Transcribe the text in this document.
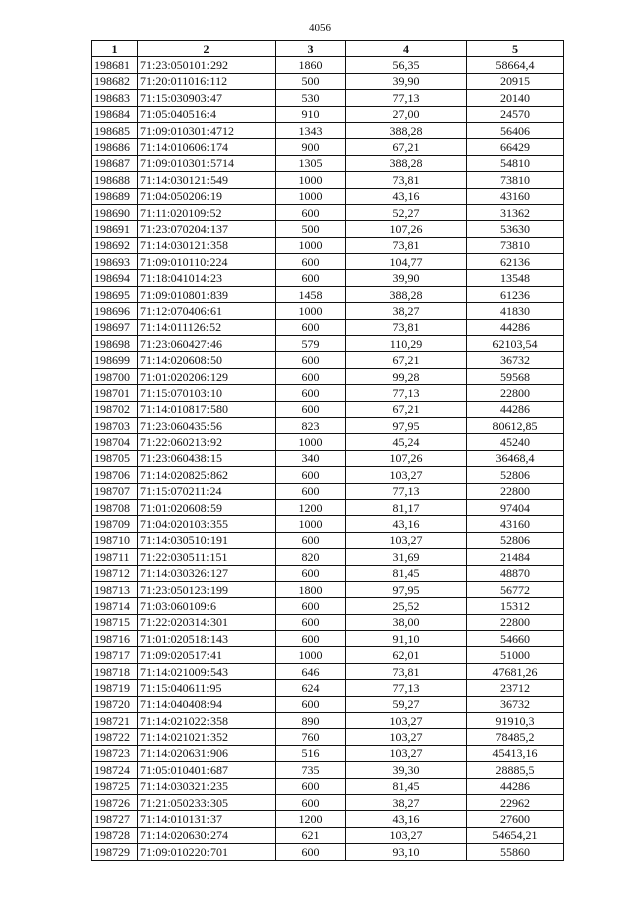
4056
1	2	3	4	5
198681	71:23:050101:292	1860	56,35	58664,4
198682	71:20:011016:112	500	39,90	20915
198683	71:15:030903:47	530	77,13	20140
198684	71:05:040516:4	910	27,00	24570
198685	71:09:010301:4712	1343	388,28	56406
198686	71:14:010606:174	900	67,21	66429
198687	71:09:010301:5714	1305	388,28	54810
198688	71:14:030121:549	1000	73,81	73810
198689	71:04:050206:19	1000	43,16	43160
198690	71:11:020109:52	600	52,27	31362
198691	71:23:070204:137	500	107,26	53630
198692	71:14:030121:358	1000	73,81	73810
198693	71:09:010110:224	600	104,77	62136
198694	71:18:041014:23	600	39,90	13548
198695	71:09:010801:839	1458	388,28	61236
198696	71:12:070406:61	1000	38,27	41830
198697	71:14:011126:52	600	73,81	44286
198698	71:23:060427:46	579	110,29	62103,54
198699	71:14:020608:50	600	67,21	36732
198700	71:01:020206:129	600	99,28	59568
198701	71:15:070103:10	600	77,13	22800
198702	71:14:010817:580	600	67,21	44286
198703	71:23:060435:56	823	97,95	80612,85
198704	71:22:060213:92	1000	45,24	45240
198705	71:23:060438:15	340	107,26	36468,4
198706	71:14:020825:862	600	103,27	52806
198707	71:15:070211:24	600	77,13	22800
198708	71:01:020608:59	1200	81,17	97404
198709	71:04:020103:355	1000	43,16	43160
198710	71:14:030510:191	600	103,27	52806
198711	71:22:030511:151	820	31,69	21484
198712	71:14:030326:127	600	81,45	48870
198713	71:23:050123:199	1800	97,95	56772
198714	71:03:060109:6	600	25,52	15312
198715	71:22:020314:301	600	38,00	22800
198716	71:01:020518:143	600	91,10	54660
198717	71:09:020517:41	1000	62,01	51000
198718	71:14:021009:543	646	73,81	47681,26
198719	71:15:040611:95	624	77,13	23712
198720	71:14:040408:94	600	59,27	36732
198721	71:14:021022:358	890	103,27	91910,3
198722	71:14:021021:352	760	103,27	78485,2
198723	71:14:020631:906	516	103,27	45413,16
198724	71:05:010401:687	735	39,30	28885,5
198725	71:14:030321:235	600	81,45	44286
198726	71:21:050233:305	600	38,27	22962
198727	71:14:010131:37	1200	43,16	27600
198728	71:14:020630:274	621	103,27	54654,21
198729	71:09:010220:701	600	93,10	55860
